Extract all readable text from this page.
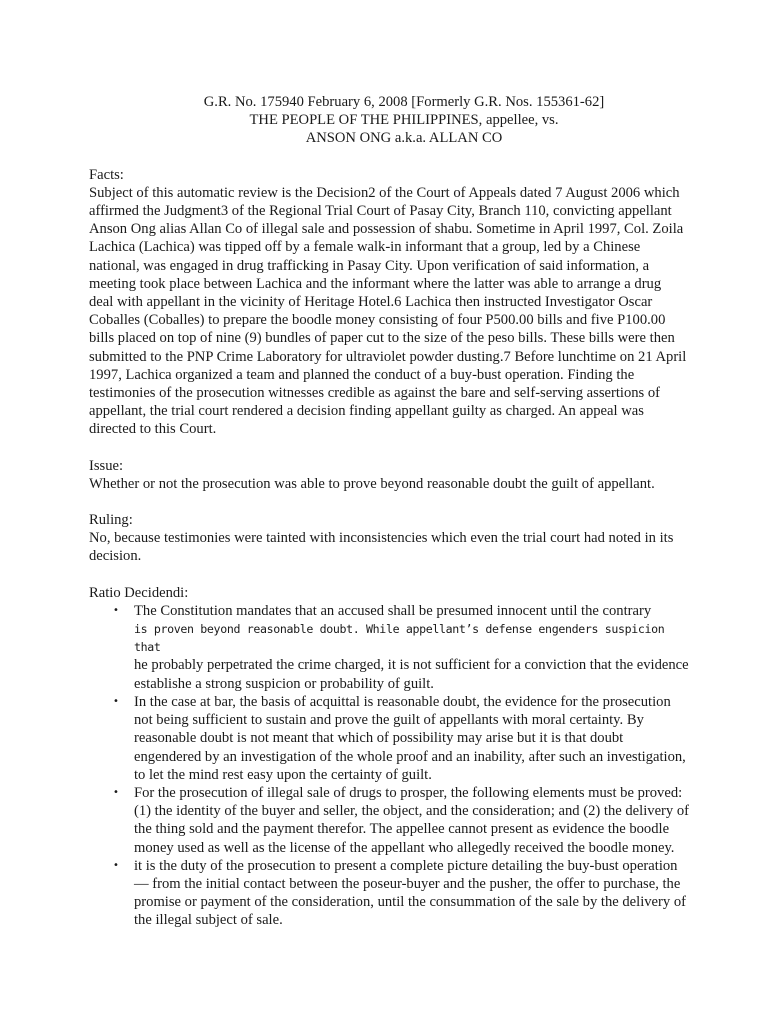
G.R. No. 175940 February 6, 2008 [Formerly G.R. Nos. 155361-62]
THE PEOPLE OF THE PHILIPPINES, appellee, vs.
ANSON ONG a.k.a. ALLAN CO
Facts:

Subject of this automatic review is the Decision2 of the Court of Appeals dated 7 August 2006 which affirmed the Judgment3 of the Regional Trial Court of Pasay City, Branch 110, convicting appellant Anson Ong alias Allan Co of illegal sale and possession of shabu. Sometime in April 1997, Col. Zoila Lachica (Lachica) was tipped off by a female walk-in informant that a group, led by a Chinese national, was engaged in drug trafficking in Pasay City. Upon verification of said information, a meeting took place between Lachica and the informant where the latter was able to arrange a drug deal with appellant in the vicinity of Heritage Hotel.6 Lachica then instructed Investigator Oscar Coballes (Coballes) to prepare the boodle money consisting of four P500.00 bills and five P100.00 bills placed on top of nine (9) bundles of paper cut to the size of the peso bills. These bills were then submitted to the PNP Crime Laboratory for ultraviolet powder dusting.7 Before lunchtime on 21 April 1997, Lachica organized a team and planned the conduct of a buy-bust operation. Finding the testimonies of the prosecution witnesses credible as against the bare and self-serving assertions of appellant, the trial court rendered a decision finding appellant guilty as charged. An appeal was directed to this Court.

Issue:

Whether or not the prosecution was able to prove beyond reasonable doubt the guilt of appellant.

Ruling:

No, because testimonies were tainted with inconsistencies which even the trial court had noted in its decision.

Ratio Decidendi:
• The Constitution mandates that an accused shall be presumed innocent until the contrary
is proven beyond reasonable doubt. While appellant’s defense engenders suspicion that
he probably perpetrated the crime charged, it is not sufficient for a conviction that the evidence establishe a strong suspicion or probability of guilt.
• In the case at bar, the basis of acquittal is reasonable doubt, the evidence for the prosecution not being sufficient to sustain and prove the guilt of appellants with moral certainty. By reasonable doubt is not meant that which of possibility may arise but it is that doubt engendered by an investigation of the whole proof and an inability, after such an investigation, to let the mind rest easy upon the certainty of guilt.
• For the prosecution of illegal sale of drugs to prosper, the following elements must be proved: (1) the identity of the buyer and seller, the object, and the consideration; and (2) the delivery of the thing sold and the payment therefor. The appellee cannot present as evidence the boodle money used as well as the license of the appellant who allegedly received the boodle money.
• it is the duty of the prosecution to present a complete picture detailing the buy-bust operation— from the initial contact between the poseur-buyer and the pusher, the offer to purchase, the promise or payment of the consideration, until the consummation of the sale by the delivery of the illegal subject of sale.
